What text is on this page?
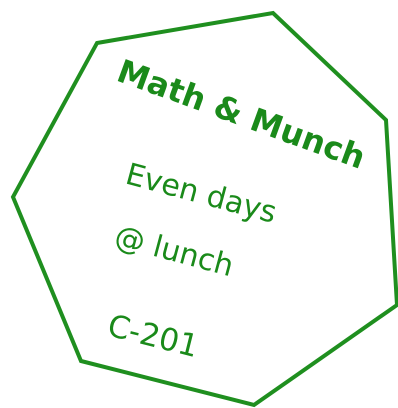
Math & Munch
Even days
@ lunch
C-201
